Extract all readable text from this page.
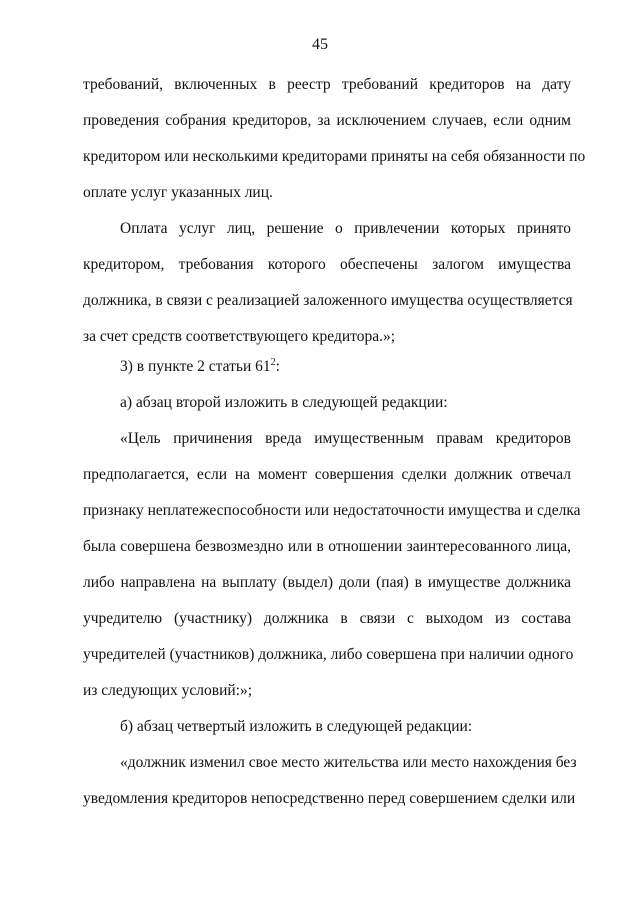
45
требований, включенных в реестр требований кредиторов на дату
проведения собрания кредиторов, за исключением случаев, если одним
кредитором или несколькими кредиторами приняты на себя обязанности по
оплате услуг указанных лиц.
Оплата услуг лиц, решение о привлечении которых принято
кредитором, требования которого обеспечены залогом имущества
должника, в связи с реализацией заложенного имущества осуществляется
за счет средств соответствующего кредитора.»;
3) в пункте 2 статьи $61^2$:
а) абзац второй изложить в следующей редакции:
«Цель причинения вреда имущественным правам кредиторов
предполагается, если на момент совершения сделки должник отвечал
признаку неплатежеспособности или недостаточности имущества и сделка
была совершена безвозмездно или в отношении заинтересованного лица,
либо направлена на выплату (выдел) доли (пая) в имуществе должника
учредителю (участнику) должника в связи с выходом из состава
учредителей (участников) должника, либо совершена при наличии одного
из следующих условий:»;
б) абзац четвертый изложить в следующей редакции:
«должник изменил свое место жительства или место нахождения без
уведомления кредиторов непосредственно перед совершением сделки или
